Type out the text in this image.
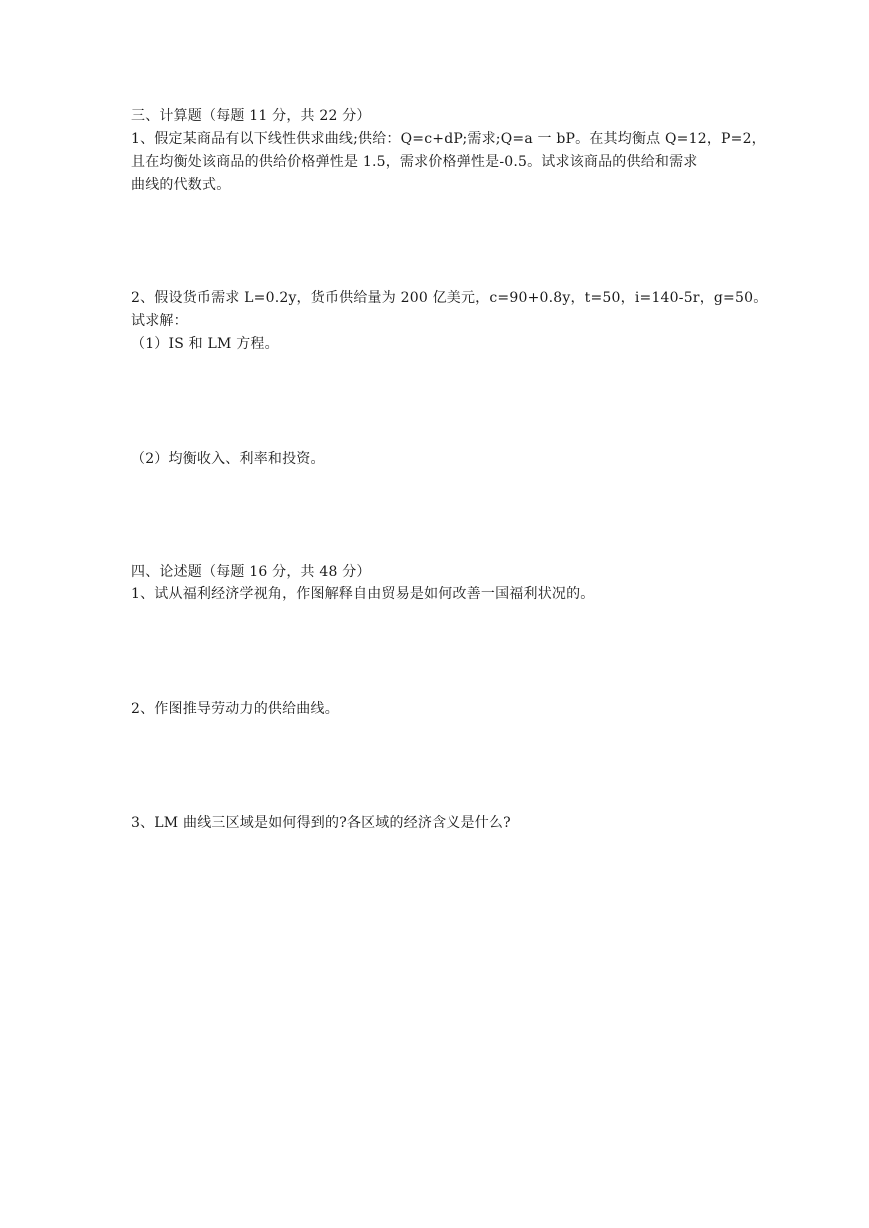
三、计算题（每题 11 分，共 22 分）
1、假定某商品有以下线性供求曲线;供给：Q=c+dP;需求;Q=a 一 bP。在其均衡点 Q=12，P=2，
且在均衡处该商品的供给价格弹性是 1.5，需求价格弹性是-0.5。试求该商品的供给和需求
曲线的代数式。
2、假设货币需求 L=0.2y，货币供给量为 200 亿美元，c=90+0.8y，t=50，i=140-5r，g=50。
试求解：
（1）IS 和 LM 方程。
（2）均衡收入、利率和投资。
四、论述题（每题 16 分，共 48 分）
1、试从福利经济学视角，作图解释自由贸易是如何改善一国福利状况的。
2、作图推导劳动力的供给曲线。
3、LM 曲线三区域是如何得到的?各区域的经济含义是什么?
